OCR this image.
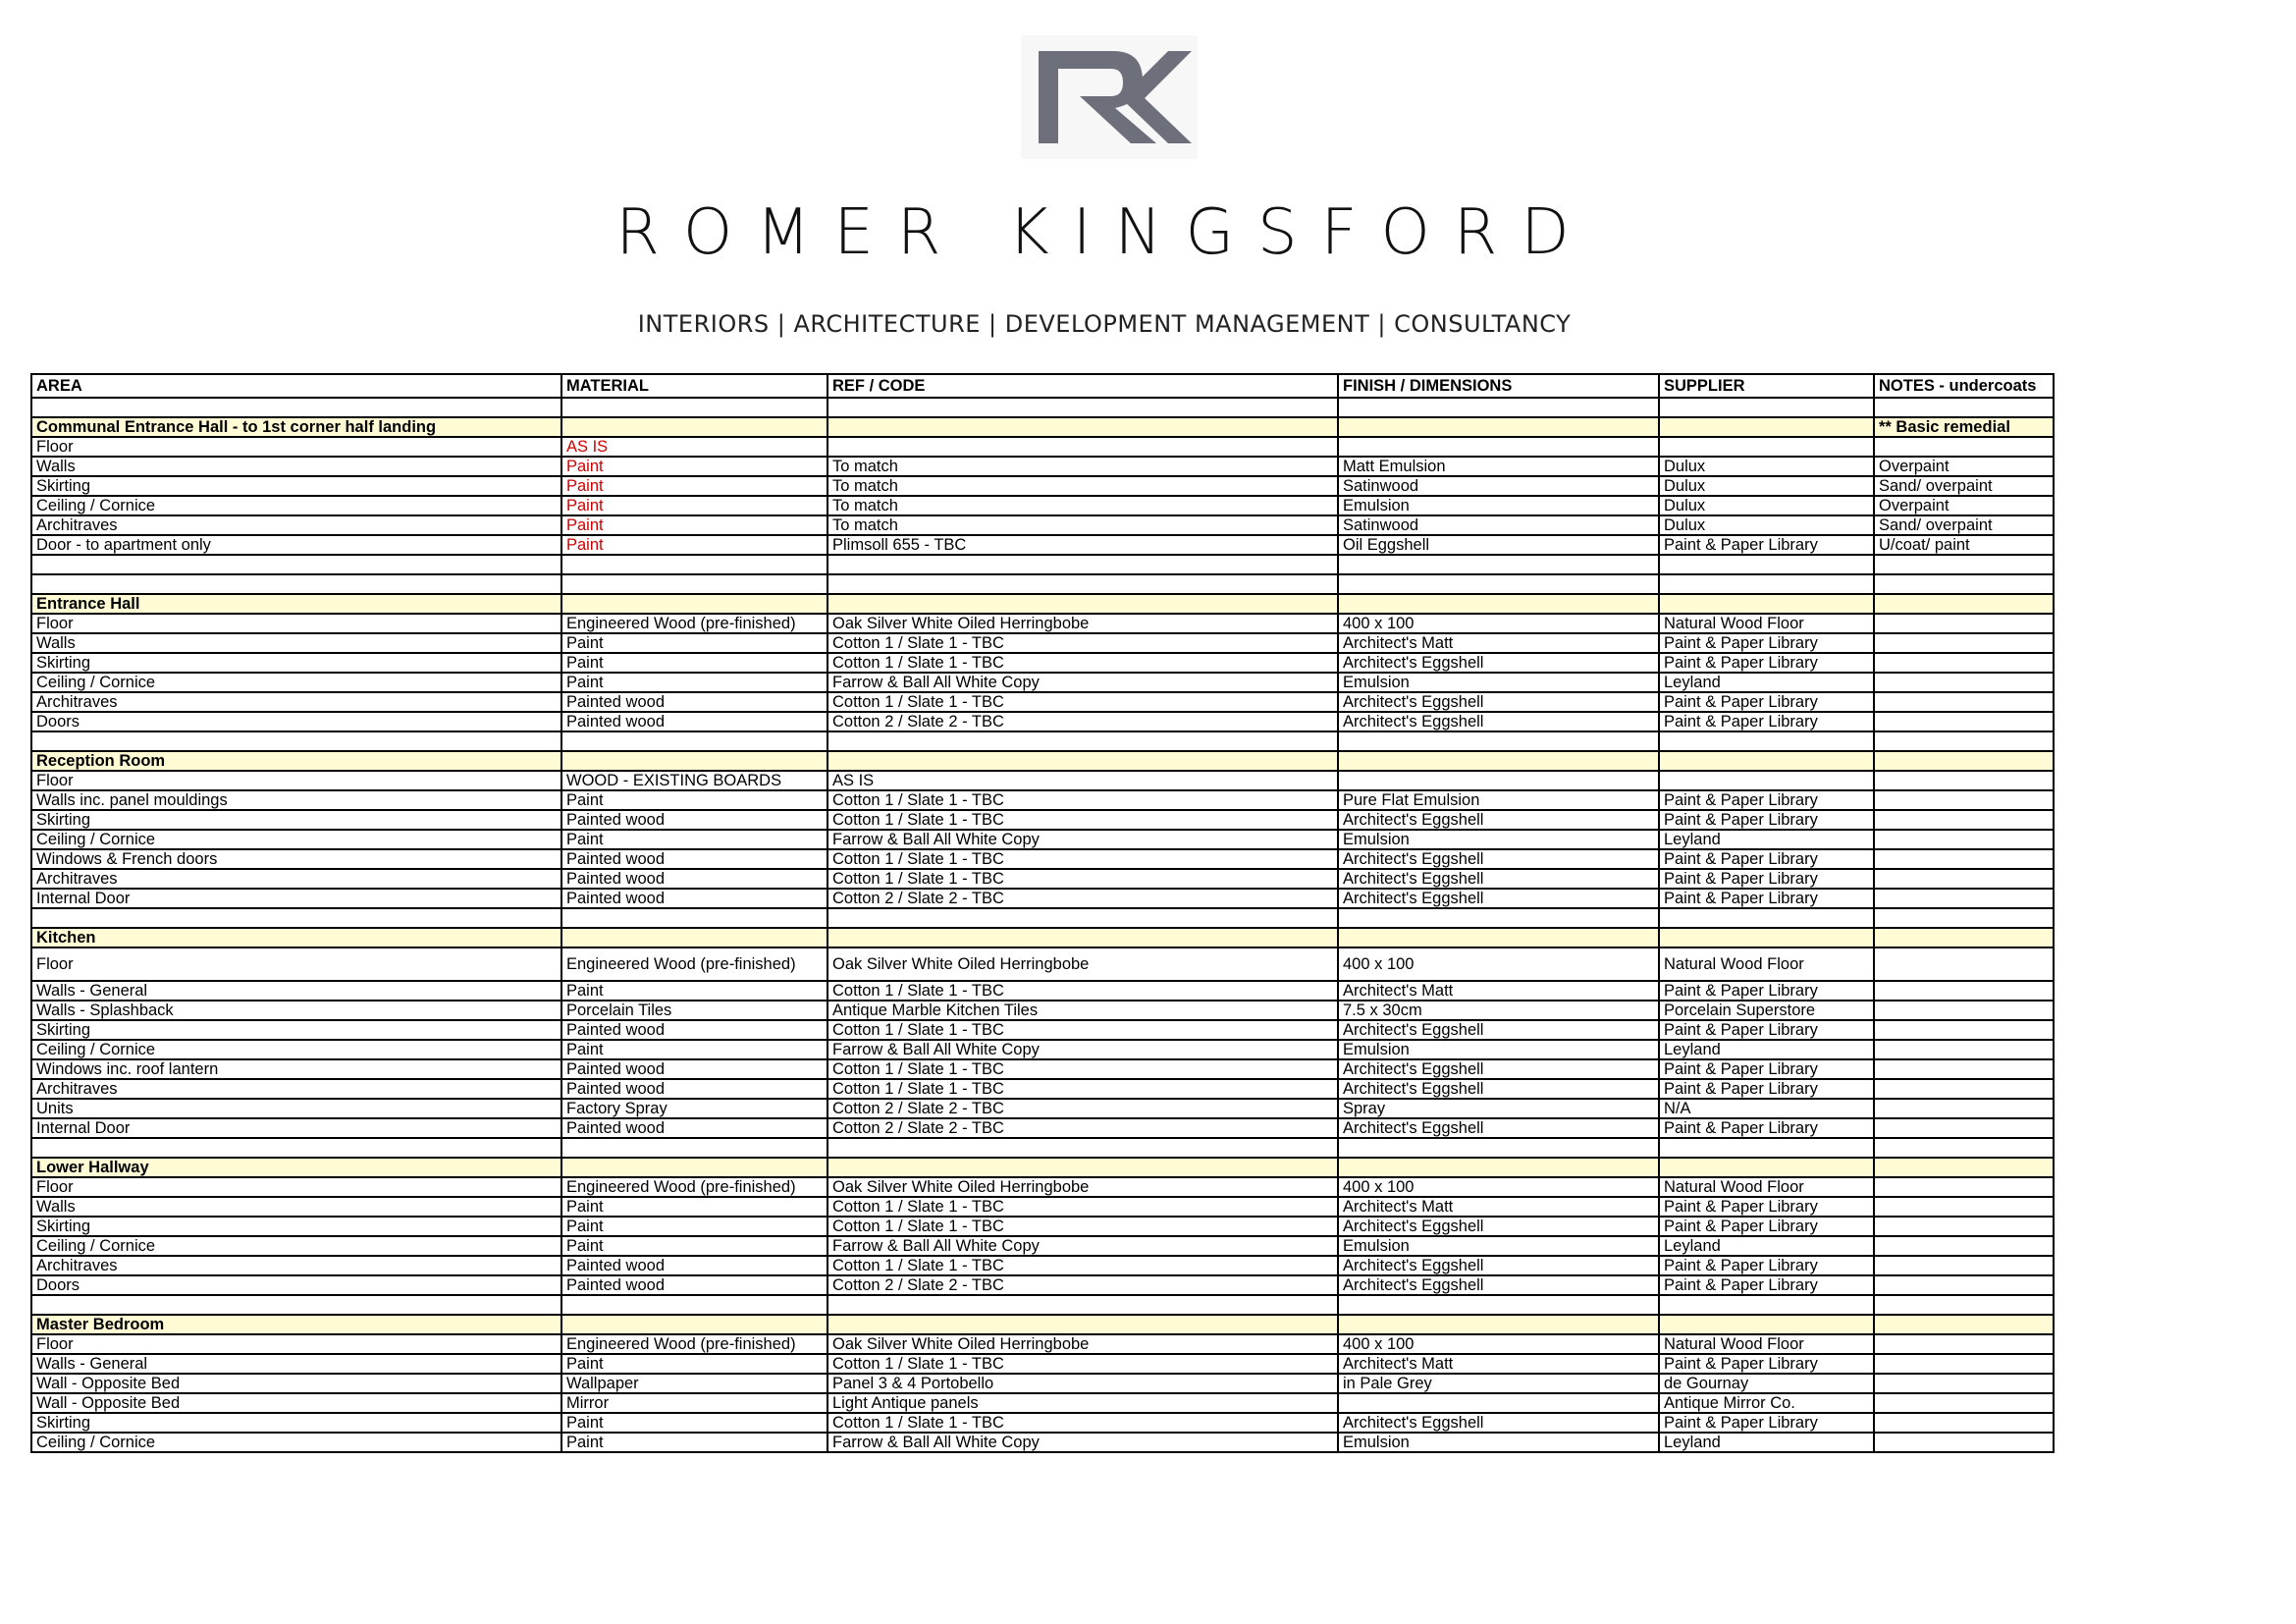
ROMER KINGSFORD
INTERIORS | ARCHITECTURE | DEVELOPMENT MANAGEMENT | CONSULTANCY
AREA	MATERIAL	REF / CODE	FINISH / DIMENSIONS	SUPPLIER	NOTES - undercoats

Communal Entrance Hall - to 1st corner half landing					** Basic remedial
Floor	AS IS				
Walls	Paint	To match	Matt Emulsion	Dulux	Overpaint
Skirting	Paint	To match	Satinwood	Dulux	Sand/ overpaint
Ceiling / Cornice	Paint	To match	Emulsion	Dulux	Overpaint
Architraves	Paint	To match	Satinwood	Dulux	Sand/ overpaint
Door - to apartment only	Paint	Plimsoll 655 - TBC	Oil Eggshell	Paint & Paper Library	U/coat/ paint

Entrance Hall					
Floor	Engineered Wood (pre-finished)	Oak Silver White Oiled Herringbobe	400 x 100	Natural Wood Floor	
Walls	Paint	Cotton 1 / Slate 1 - TBC	Architect's Matt	Paint & Paper Library	
Skirting	Paint	Cotton 1 / Slate 1 - TBC	Architect's Eggshell	Paint & Paper Library	
Ceiling / Cornice	Paint	Farrow & Ball All White Copy	Emulsion	Leyland	
Architraves	Painted wood	Cotton 1 / Slate 1 - TBC	Architect's Eggshell	Paint & Paper Library	
Doors	Painted wood	Cotton 2 / Slate 2 - TBC	Architect's Eggshell	Paint & Paper Library	

Reception Room					
Floor	WOOD - EXISTING BOARDS	AS IS			
Walls inc. panel mouldings	Paint	Cotton 1 / Slate 1 - TBC	Pure Flat Emulsion	Paint & Paper Library	
Skirting	Painted wood	Cotton 1 / Slate 1 - TBC	Architect's Eggshell	Paint & Paper Library	
Ceiling / Cornice	Paint	Farrow & Ball All White Copy	Emulsion	Leyland	
Windows & French doors	Painted wood	Cotton 1 / Slate 1 - TBC	Architect's Eggshell	Paint & Paper Library	
Architraves	Painted wood	Cotton 1 / Slate 1 - TBC	Architect's Eggshell	Paint & Paper Library	
Internal Door	Painted wood	Cotton 2 / Slate 2 - TBC	Architect's Eggshell	Paint & Paper Library	

Kitchen					
Floor	Engineered Wood (pre-finished)	Oak Silver White Oiled Herringbobe	400 x 100	Natural Wood Floor	
Walls - General	Paint	Cotton 1 / Slate 1 - TBC	Architect's Matt	Paint & Paper Library	
Walls - Splashback	Porcelain Tiles	Antique Marble Kitchen Tiles	7.5 x 30cm	Porcelain Superstore	
Skirting	Painted wood	Cotton 1 / Slate 1 - TBC	Architect's Eggshell	Paint & Paper Library	
Ceiling / Cornice	Paint	Farrow & Ball All White Copy	Emulsion	Leyland	
Windows inc. roof lantern	Painted wood	Cotton 1 / Slate 1 - TBC	Architect's Eggshell	Paint & Paper Library	
Architraves	Painted wood	Cotton 1 / Slate 1 - TBC	Architect's Eggshell	Paint & Paper Library	
Units	Factory Spray	Cotton 2 / Slate 2 - TBC	Spray	N/A	
Internal Door	Painted wood	Cotton 2 / Slate 2 - TBC	Architect's Eggshell	Paint & Paper Library	

Lower Hallway					
Floor	Engineered Wood (pre-finished)	Oak Silver White Oiled Herringbobe	400 x 100	Natural Wood Floor	
Walls	Paint	Cotton 1 / Slate 1 - TBC	Architect's Matt	Paint & Paper Library	
Skirting	Paint	Cotton 1 / Slate 1 - TBC	Architect's Eggshell	Paint & Paper Library	
Ceiling / Cornice	Paint	Farrow & Ball All White Copy	Emulsion	Leyland	
Architraves	Painted wood	Cotton 1 / Slate 1 - TBC	Architect's Eggshell	Paint & Paper Library	
Doors	Painted wood	Cotton 2 / Slate 2 - TBC	Architect's Eggshell	Paint & Paper Library	

Master Bedroom					
Floor	Engineered Wood (pre-finished)	Oak Silver White Oiled Herringbobe	400 x 100	Natural Wood Floor	
Walls - General	Paint	Cotton 1 / Slate 1 - TBC	Architect's Matt	Paint & Paper Library	
Wall - Opposite Bed	Wallpaper	Panel 3 & 4 Portobello	in Pale Grey	de Gournay	
Wall - Opposite Bed	Mirror	Light Antique panels		Antique Mirror Co.	
Skirting	Paint	Cotton 1 / Slate 1 - TBC	Architect's Eggshell	Paint & Paper Library	
Ceiling / Cornice	Paint	Farrow & Ball All White Copy	Emulsion	Leyland	
